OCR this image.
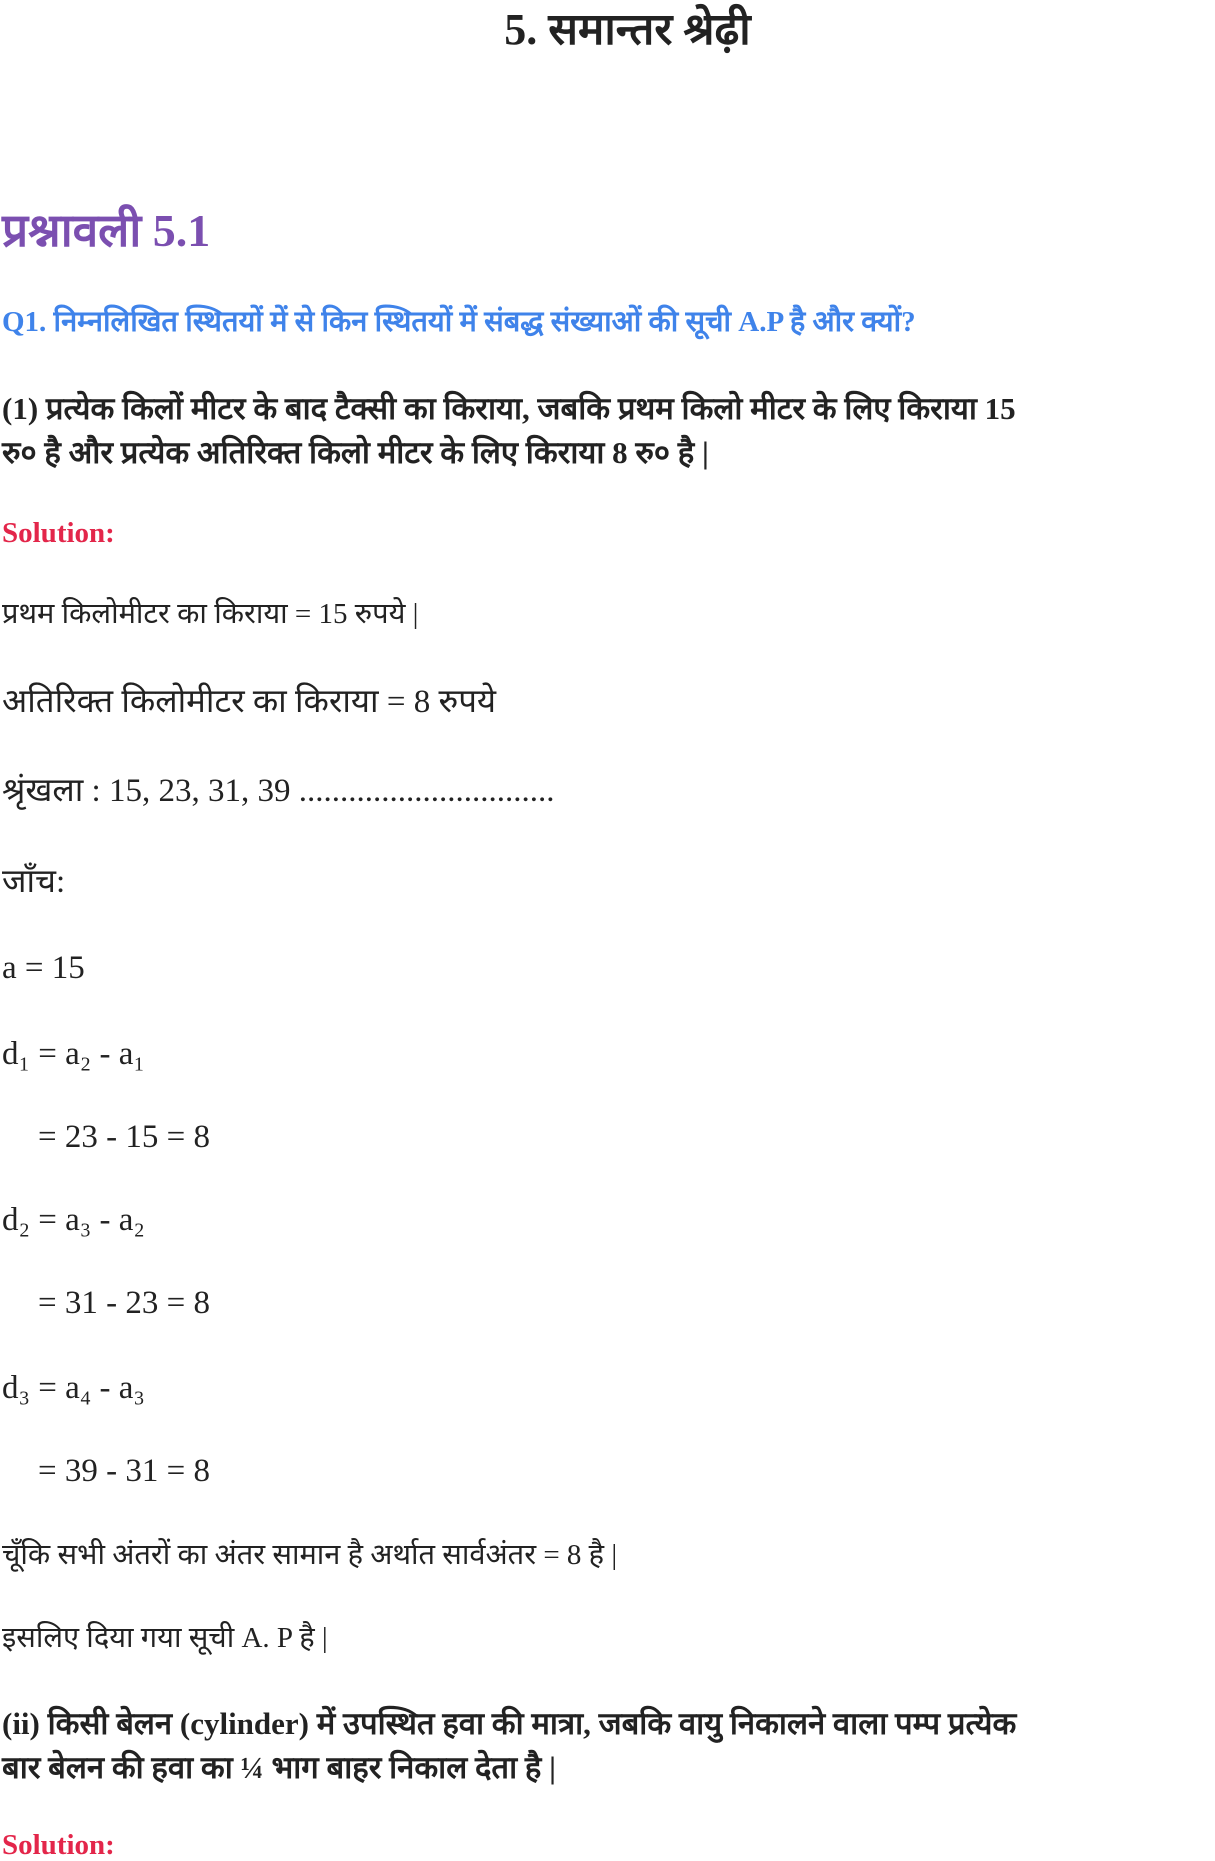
5. समान्तर श्रेढ़ी
प्रश्नावली 5.1
Q1. निम्नलिखित स्थितयों में से किन स्थितयों में संबद्ध संख्याओं की सूची A.P है और क्यों?
(1) प्रत्येक किलों मीटर के बाद टैक्सी का किराया, जबकि प्रथम किलो मीटर के लिए किराया 15
रु० है और प्रत्येक अतिरिक्त किलो मीटर के लिए किराया 8 रु० है |
Solution:
प्रथम किलोमीटर का किराया = 15 रुपये |
अतिरिक्त किलोमीटर का किराया = 8 रुपये
श्रृंखला : 15, 23, 31, 39 ...............................
जाँच:
a = 15
d₁ = a₂ - a₁
= 23 - 15 = 8
d₂ = a₃ - a₂
= 31 - 23 = 8
d₃ = a₄ - a₃
= 39 - 31 = 8
चूँकि सभी अंतरों का अंतर सामान है अर्थात सार्वअंतर = 8 है |
इसलिए दिया गया सूची A. P है |
(ii) किसी बेलन (cylinder) में उपस्थित हवा की मात्रा, जबकि वायु निकालने वाला पम्प प्रत्येक
बार बेलन की हवा का ¼ भाग बाहर निकाल देता है |
Solution:
